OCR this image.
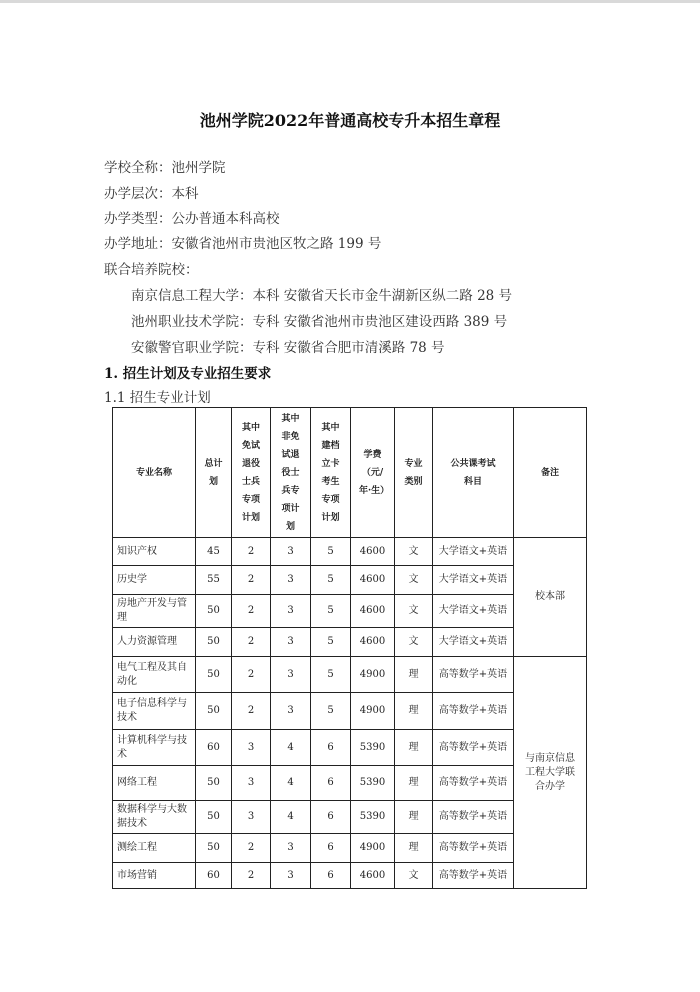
池州学院2022年普通高校专升本招生章程
学校全称：池州学院
办学层次：本科
办学类型：公办普通本科高校
办学地址：安徽省池州市贵池区牧之路 199 号
联合培养院校：
南京信息工程大学：本科 安徽省天长市金牛湖新区纵二路 28 号
池州职业技术学院：专科 安徽省池州市贵池区建设西路 389 号
安徽警官职业学院：专科 安徽省合肥市清溪路 78 号
1. 招生计划及专业招生要求
1.1 招生专业计划
专业名称	总计划	其中免试退役士兵专项计划	其中非免试退役士兵专项计划	其中建档立卡考生专项计划	学费（元/年·生）	专业类别	公共课考试科目	备注
知识产权	45	2	3	5	4600	文	大学语文+英语	校本部
历史学	55	2	3	5	4600	文	大学语文+英语	
房地产开发与管理	50	2	3	5	4600	文	大学语文+英语	
人力资源管理	50	2	3	5	4600	文	大学语文+英语	
电气工程及其自动化	50	2	3	5	4900	理	高等数学+英语	与南京信息工程大学联合办学
电子信息科学与技术	50	2	3	5	4900	理	高等数学+英语	
计算机科学与技术	60	3	4	6	5390	理	高等数学+英语	
网络工程	50	3	4	6	5390	理	高等数学+英语	
数据科学与大数据技术	50	3	4	6	5390	理	高等数学+英语	
测绘工程	50	2	3	6	4900	理	高等数学+英语	
市场营销	60	2	3	6	4600	文	高等数学+英语	
